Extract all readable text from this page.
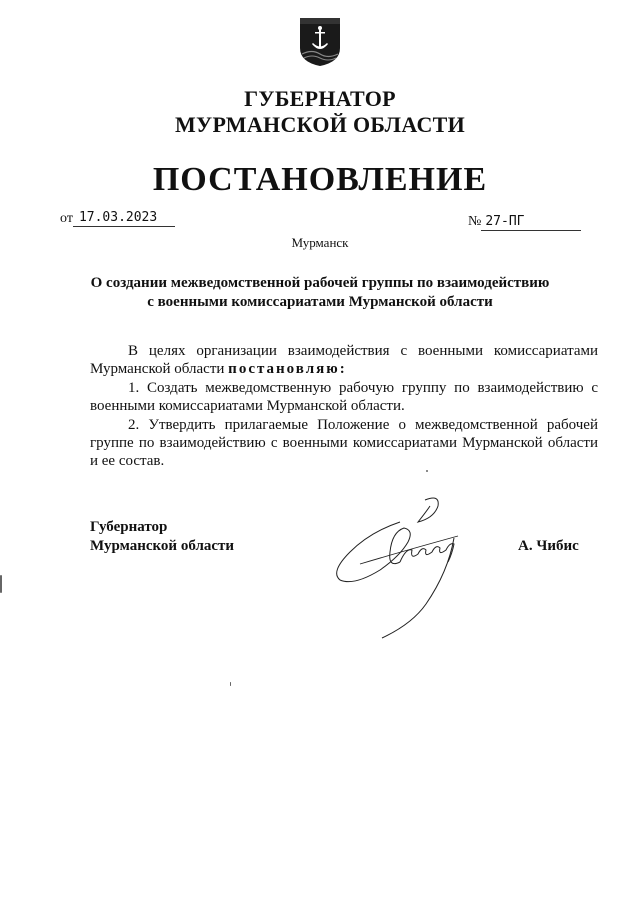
ГУБЕРНАТОР
МУРМАНСКОЙ ОБЛАСТИ
ПОСТАНОВЛЕНИЕ
от 17.03.2023	№ 27-ПГ
Мурманск
О создании межведомственной рабочей группы по взаимодействию с военными комиссариатами Мурманской области

В целях организации взаимодействия с военными комиссариатами Мурманской области постановляю:

1. Создать межведомственную рабочую группу по взаимодействию с военными комиссариатами Мурманской области.

2. Утвердить прилагаемые Положение о межведомственной рабочей группе по взаимодействию с военными комиссариатами Мурманской области и ее состав.

Губернатор
Мурманской области	А. Чибис
